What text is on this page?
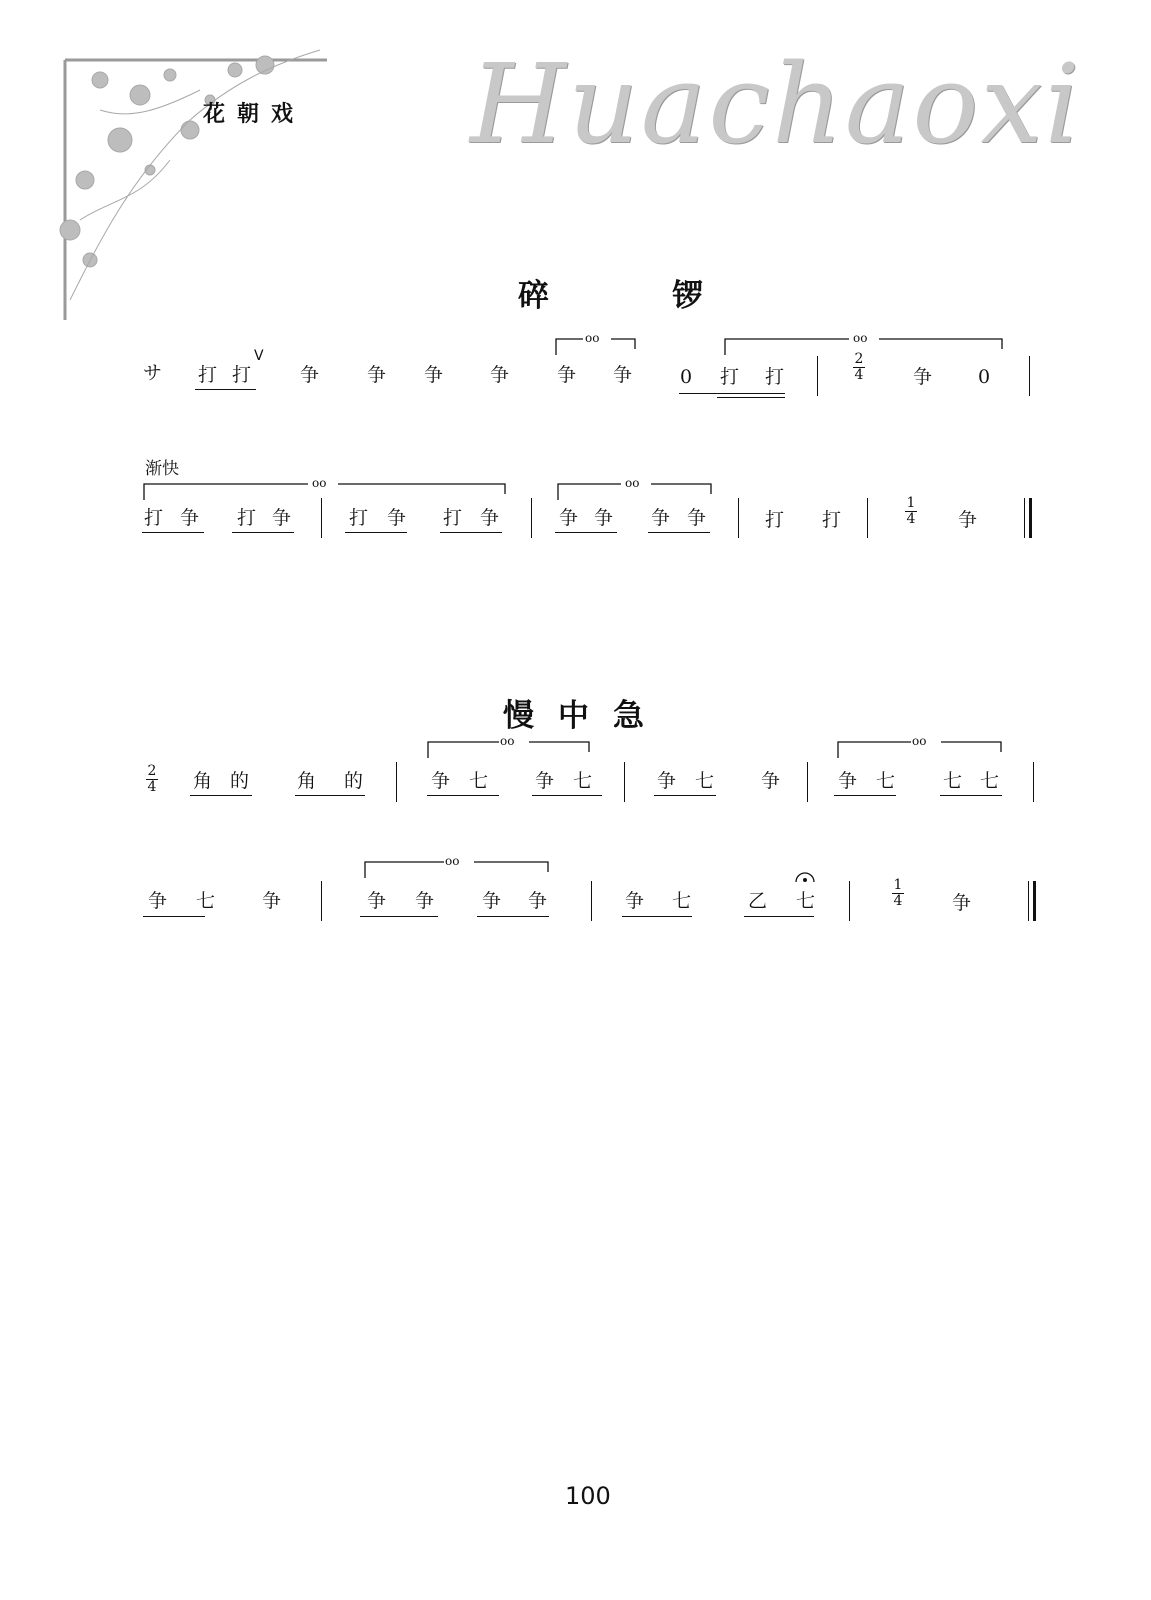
花朝戏 Huachaoxi
碎　锣
サ 打 打
V
争	争 争 争	争 争	0 打 打	争 0
2
4
oo	oo
渐快
oo	oo
打 争 打 争	打 争 打 争	争 争 争 争	打 打	争
1
4
慢中急
2
4
oo	oo
角 的	角 的	争 七 争 七	争 七 争	争 七	七 七
oo
争 七 争	争 争	争 争	争 七	乙 七	争
1
4
100
